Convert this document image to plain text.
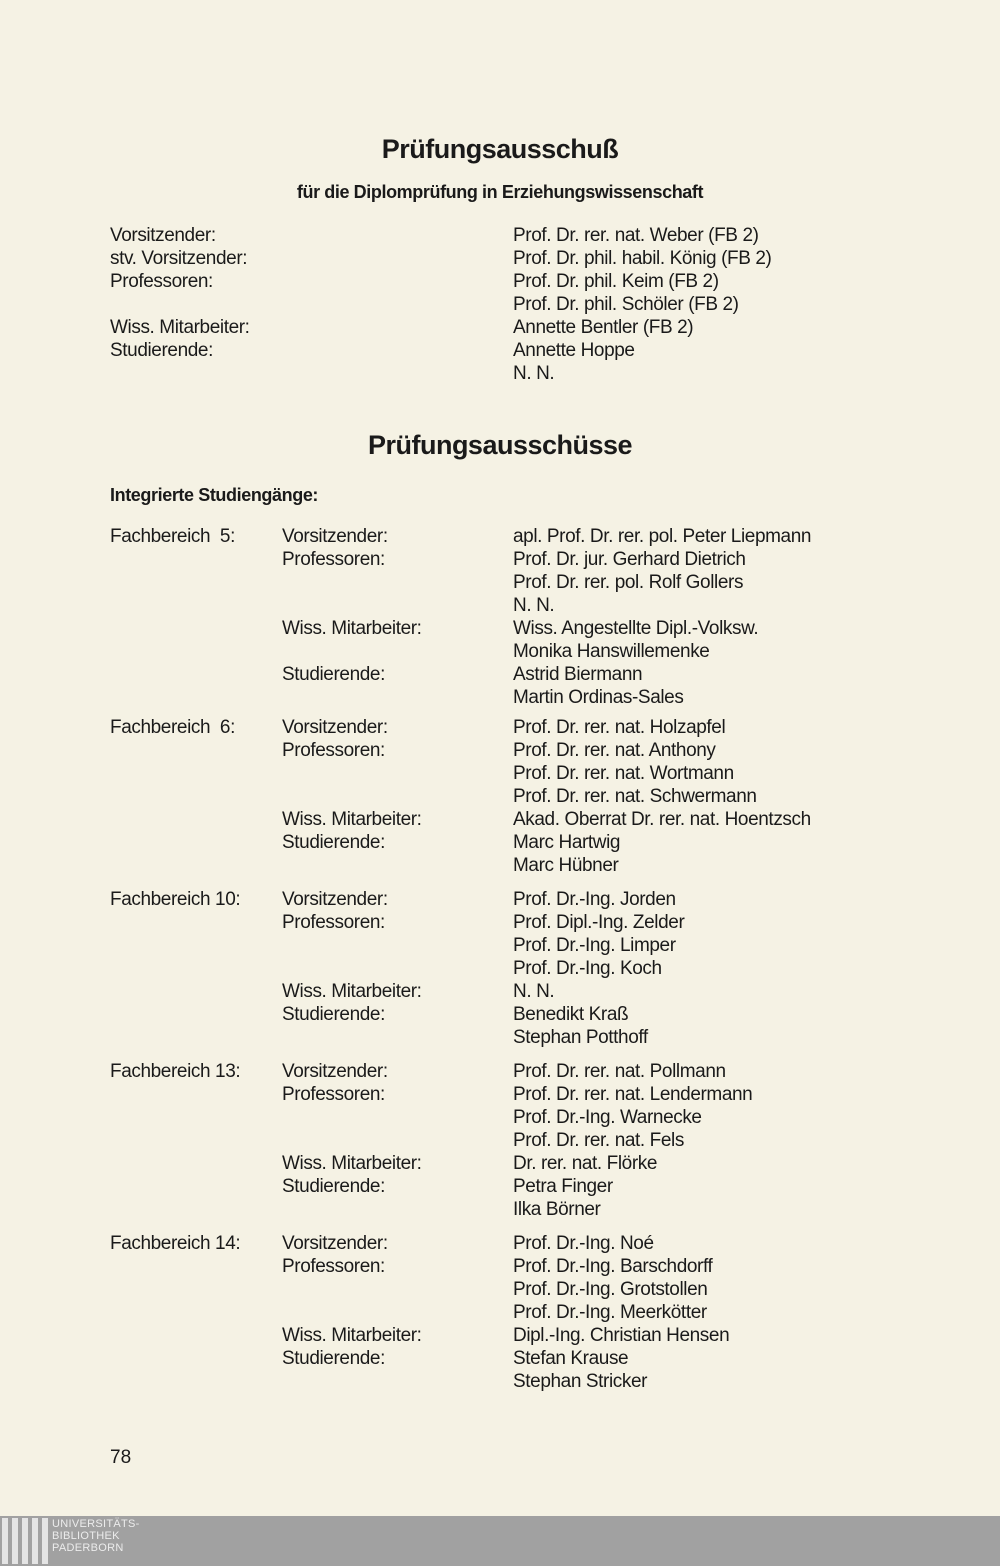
Prüfungsausschuß
für die Diplomprüfung in Erziehungswissenschaft
Vorsitzender:	Prof. Dr. rer. nat. Weber (FB 2)
stv. Vorsitzender:	Prof. Dr. phil. habil. König (FB 2)
Professoren:	Prof. Dr. phil. Keim (FB 2)
Prof. Dr. phil. Schöler (FB 2)
Wiss. Mitarbeiter:	Annette Bentler (FB 2)
Studierende:	Annette Hoppe
N. N.
Prüfungsausschüsse
Integrierte Studiengänge:
Fachbereich  5: Vorsitzender:	apl. Prof. Dr. rer. pol. Peter Liepmann
Professoren:	Prof. Dr. jur. Gerhard Dietrich
Prof. Dr. rer. pol. Rolf Gollers
N. N.
Wiss. Mitarbeiter:	Wiss. Angestellte Dipl.-Volksw.
Monika Hanswillemenke
Studierende:	Astrid Biermann
Martin Ordinas-Sales
Fachbereich  6: Vorsitzender:	Prof. Dr. rer. nat. Holzapfel
Professoren:	Prof. Dr. rer. nat. Anthony
Prof. Dr. rer. nat. Wortmann
Prof. Dr. rer. nat. Schwermann
Wiss. Mitarbeiter:	Akad. Oberrat Dr. rer. nat. Hoentzsch
Studierende:	Marc Hartwig
Marc Hübner
Fachbereich 10: Vorsitzender:	Prof. Dr.-Ing. Jorden
Professoren:	Prof. Dipl.-Ing. Zelder
Prof. Dr.-Ing. Limper
Prof. Dr.-Ing. Koch
Wiss. Mitarbeiter:	N. N.
Studierende:	Benedikt Kraß
Stephan Potthoff
Fachbereich 13: Vorsitzender:	Prof. Dr. rer. nat. Pollmann
Professoren:	Prof. Dr. rer. nat. Lendermann
Prof. Dr.-Ing. Warnecke
Prof. Dr. rer. nat. Fels
Wiss. Mitarbeiter:	Dr. rer. nat. Flörke
Studierende:	Petra Finger
Ilka Börner
Fachbereich 14: Vorsitzender:	Prof. Dr.-Ing. Noé
Professoren:	Prof. Dr.-Ing. Barschdorff
Prof. Dr.-Ing. Grotstollen
Prof. Dr.-Ing. Meerkötter
Wiss. Mitarbeiter:	Dipl.-Ing. Christian Hensen
Studierende:	Stefan Krause
Stephan Stricker
78
UNIVERSITÄTS-
BIBLIOTHEK
PADERBORN
